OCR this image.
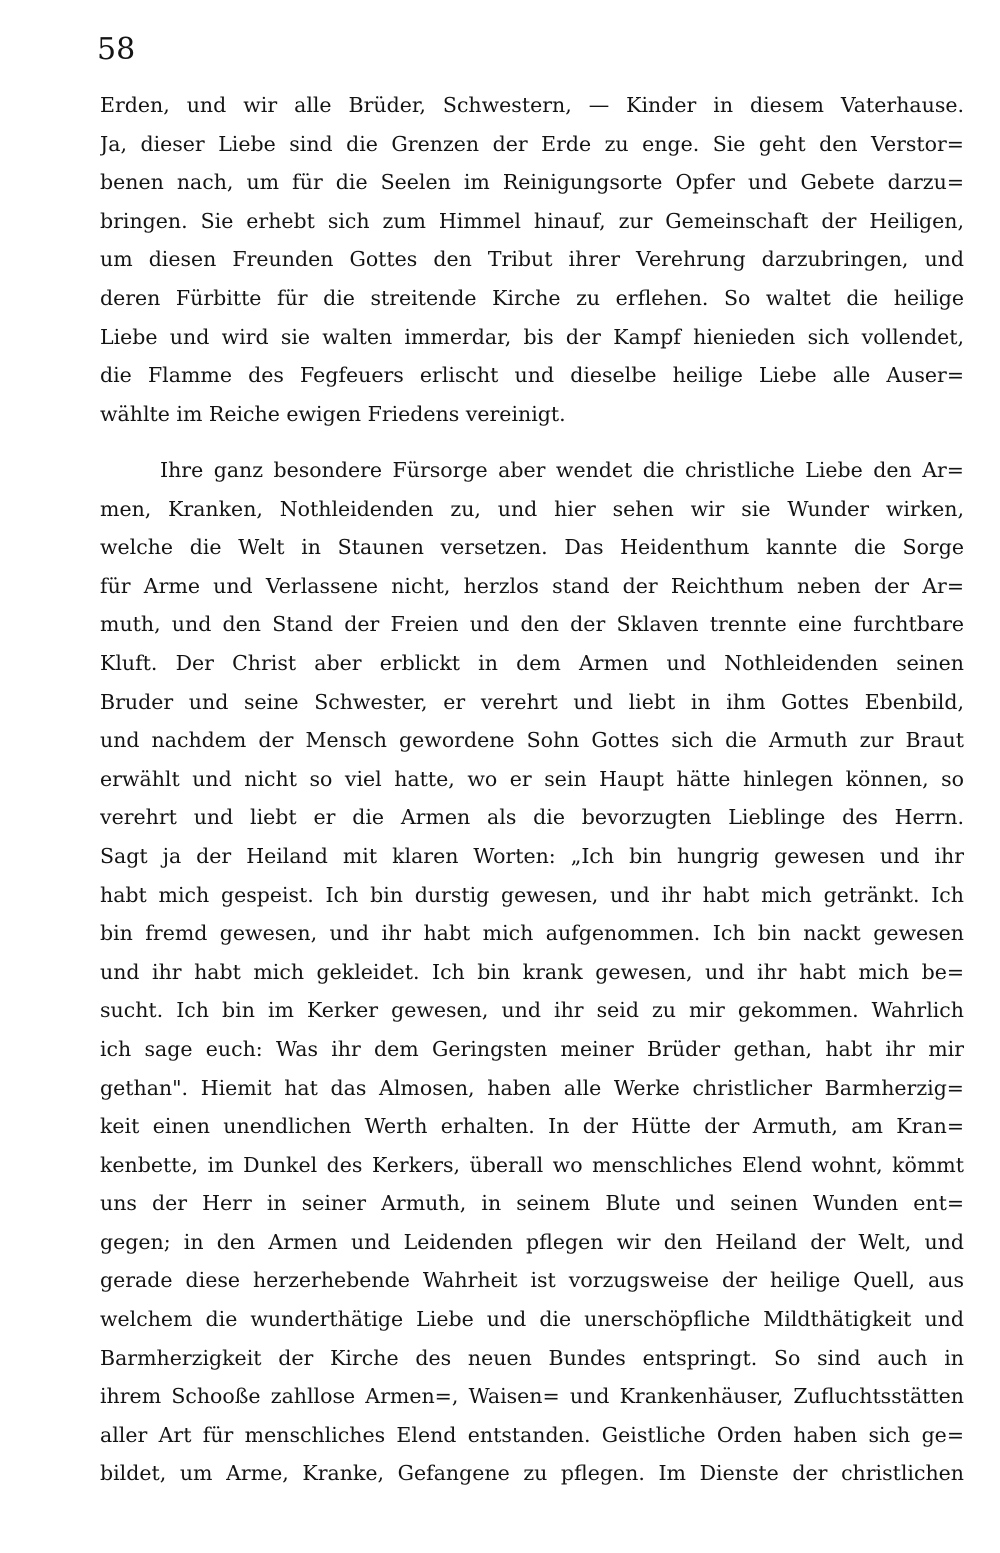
58
Erden, und wir alle Brüder, Schwestern, — Kinder in diesem Vaterhause.
Ja, dieser Liebe sind die Grenzen der Erde zu enge. Sie geht den Verstor=
benen nach, um für die Seelen im Reinigungsorte Opfer und Gebete darzu=
bringen. Sie erhebt sich zum Himmel hinauf, zur Gemeinschaft der Heiligen,
um diesen Freunden Gottes den Tribut ihrer Verehrung darzubringen, und
deren Fürbitte für die streitende Kirche zu erflehen. So waltet die heilige
Liebe und wird sie walten immerdar, bis der Kampf hienieden sich vollendet,
die Flamme des Fegfeuers erlischt und dieselbe heilige Liebe alle Auser=
wählte im Reiche ewigen Friedens vereinigt.
Ihre ganz besondere Fürsorge aber wendet die christliche Liebe den Ar=
men, Kranken, Nothleidenden zu, und hier sehen wir sie Wunder wirken,
welche die Welt in Staunen versetzen. Das Heidenthum kannte die Sorge
für Arme und Verlassene nicht, herzlos stand der Reichthum neben der Ar=
muth, und den Stand der Freien und den der Sklaven trennte eine furchtbare
Kluft. Der Christ aber erblickt in dem Armen und Nothleidenden seinen
Bruder und seine Schwester, er verehrt und liebt in ihm Gottes Ebenbild,
und nachdem der Mensch gewordene Sohn Gottes sich die Armuth zur Braut
erwählt und nicht so viel hatte, wo er sein Haupt hätte hinlegen können, so
verehrt und liebt er die Armen als die bevorzugten Lieblinge des Herrn.
Sagt ja der Heiland mit klaren Worten: „Ich bin hungrig gewesen und ihr
habt mich gespeist. Ich bin durstig gewesen, und ihr habt mich getränkt. Ich
bin fremd gewesen, und ihr habt mich aufgenommen. Ich bin nackt gewesen
und ihr habt mich gekleidet. Ich bin krank gewesen, und ihr habt mich be=
sucht. Ich bin im Kerker gewesen, und ihr seid zu mir gekommen. Wahrlich
ich sage euch: Was ihr dem Geringsten meiner Brüder gethan, habt ihr mir
gethan". Hiemit hat das Almosen, haben alle Werke christlicher Barmherzig=
keit einen unendlichen Werth erhalten. In der Hütte der Armuth, am Kran=
kenbette, im Dunkel des Kerkers, überall wo menschliches Elend wohnt, kömmt
uns der Herr in seiner Armuth, in seinem Blute und seinen Wunden ent=
gegen; in den Armen und Leidenden pflegen wir den Heiland der Welt, und
gerade diese herzerhebende Wahrheit ist vorzugsweise der heilige Quell, aus
welchem die wunderthätige Liebe und die unerschöpfliche Mildthätigkeit und
Barmherzigkeit der Kirche des neuen Bundes entspringt. So sind auch in
ihrem Schooße zahllose Armen=, Waisen= und Krankenhäuser, Zufluchtsstätten
aller Art für menschliches Elend entstanden. Geistliche Orden haben sich ge=
bildet, um Arme, Kranke, Gefangene zu pflegen. Im Dienste der christlichen
